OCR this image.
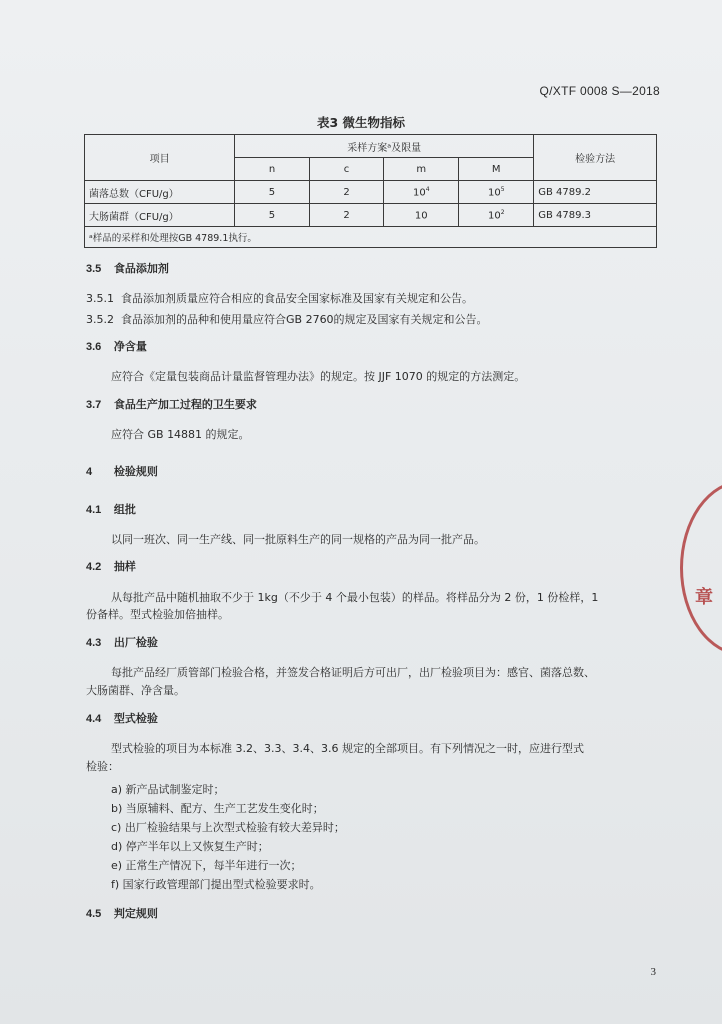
Q/XTF 0008 S—2018
表3 微生物指标
项目	采样方案ᵃ及限量				检验方法
	n	c	m	M	
菌落总数（CFU/g）	5	2	$10^4$	$10^5$	GB 4789.2
大肠菌群（CFU/g）	5	2	10	$10^2$	GB 4789.3
ᵃ样品的采样和处理按GB 4789.1执行。					
3.5 食品添加剂
3.5.1 食品添加剂质量应符合相应的食品安全国家标准及国家有关规定和公告。
3.5.2 食品添加剂的品种和使用量应符合GB 2760的规定及国家有关规定和公告。
3.6 净含量
应符合《定量包装商品计量监督管理办法》的规定。按 JJF 1070 的规定的方法测定。
3.7 食品生产加工过程的卫生要求
应符合 GB 14881 的规定。
4 检验规则
4.1 组批
以同一班次、同一生产线、同一批原料生产的同一规格的产品为同一批产品。
4.2 抽样
从每批产品中随机抽取不少于 1kg（不少于 4 个最小包装）的样品。将样品分为 2 份，1 份检样，1
份备样。型式检验加倍抽样。
4.3 出厂检验
每批产品经厂质管部门检验合格，并签发合格证明后方可出厂，出厂检验项目为：感官、菌落总数、
大肠菌群、净含量。
4.4 型式检验
型式检验的项目为本标准 3.2、3.3、3.4、3.6 规定的全部项目。有下列情况之一时，应进行型式
检验：
a) 新产品试制鉴定时；
b) 当原辅料、配方、生产工艺发生变化时；
c) 出厂检验结果与上次型式检验有较大差异时；
d) 停产半年以上又恢复生产时；
e) 正常生产情况下，每半年进行一次；
f) 国家行政管理部门提出型式检验要求时。
4.5 判定规则
3
章
